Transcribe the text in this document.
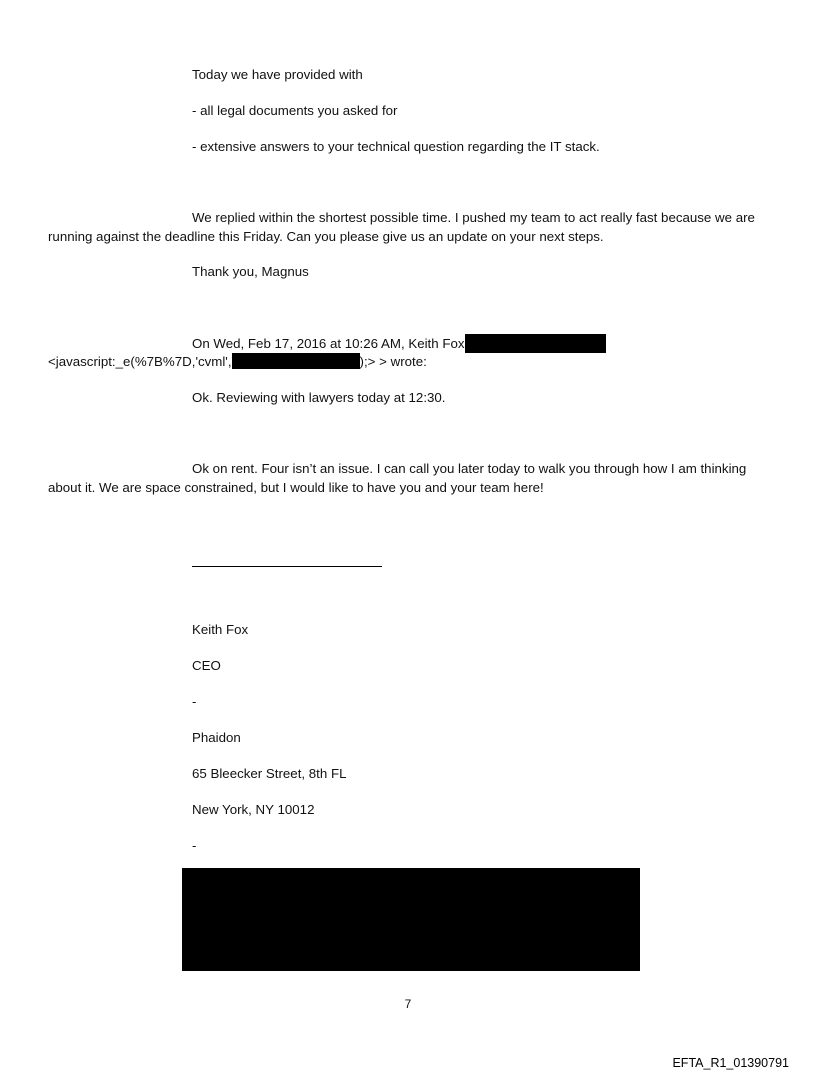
Today we have provided with
- all legal documents you asked for
- extensive answers to your technical question regarding the IT stack.
We replied within the shortest possible time. I pushed my team to act really fast because we are
running against the deadline this Friday. Can you please give us an update on your next steps.
Thank you, Magnus
On Wed, Feb 17, 2016 at 10:26 AM, Keith Fox
<javascript:_e(%7B%7D,'cvml',	);> > wrote:
Ok. Reviewing with lawyers today at 12:30.
Ok on rent. Four isn’t an issue. I can call you later today to walk you through how I am thinking
about it. We are space constrained, but I would like to have you and your team here!
Keith Fox
CEO
-
Phaidon
65 Bleecker Street, 8th FL
New York, NY 10012
-
7
EFTA_R1_01390791
